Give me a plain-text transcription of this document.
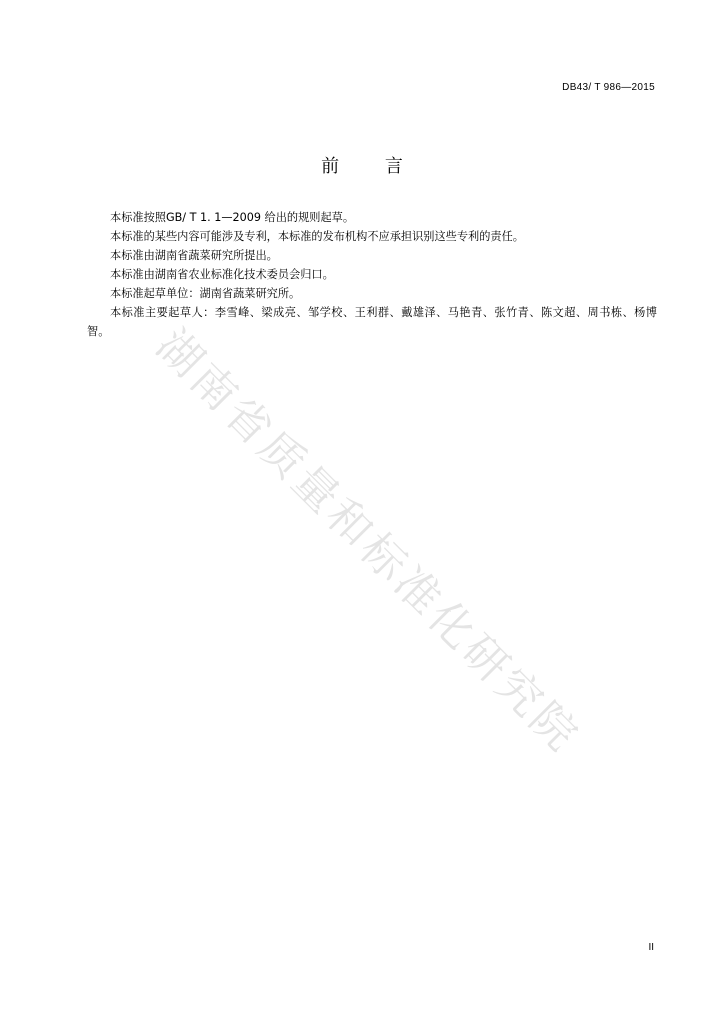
DB43/ T 986—2015
前 言

本标准按照GB/ T 1. 1—2009 给出的规则起草。

本标准的某些内容可能涉及专利，本标准的发布机构不应承担识别这些专利的责任。

本标准由湖南省蔬菜研究所提出。

本标准由湖南省农业标准化技术委员会归口。

本标准起草单位：湖南省蔬菜研究所。

本标准主要起草人：李雪峰、梁成亮、邹学校、王利群、戴雄泽、马艳青、张竹青、陈文超、周书栋、杨博智。 湖南省质量和标准化研究院
II
